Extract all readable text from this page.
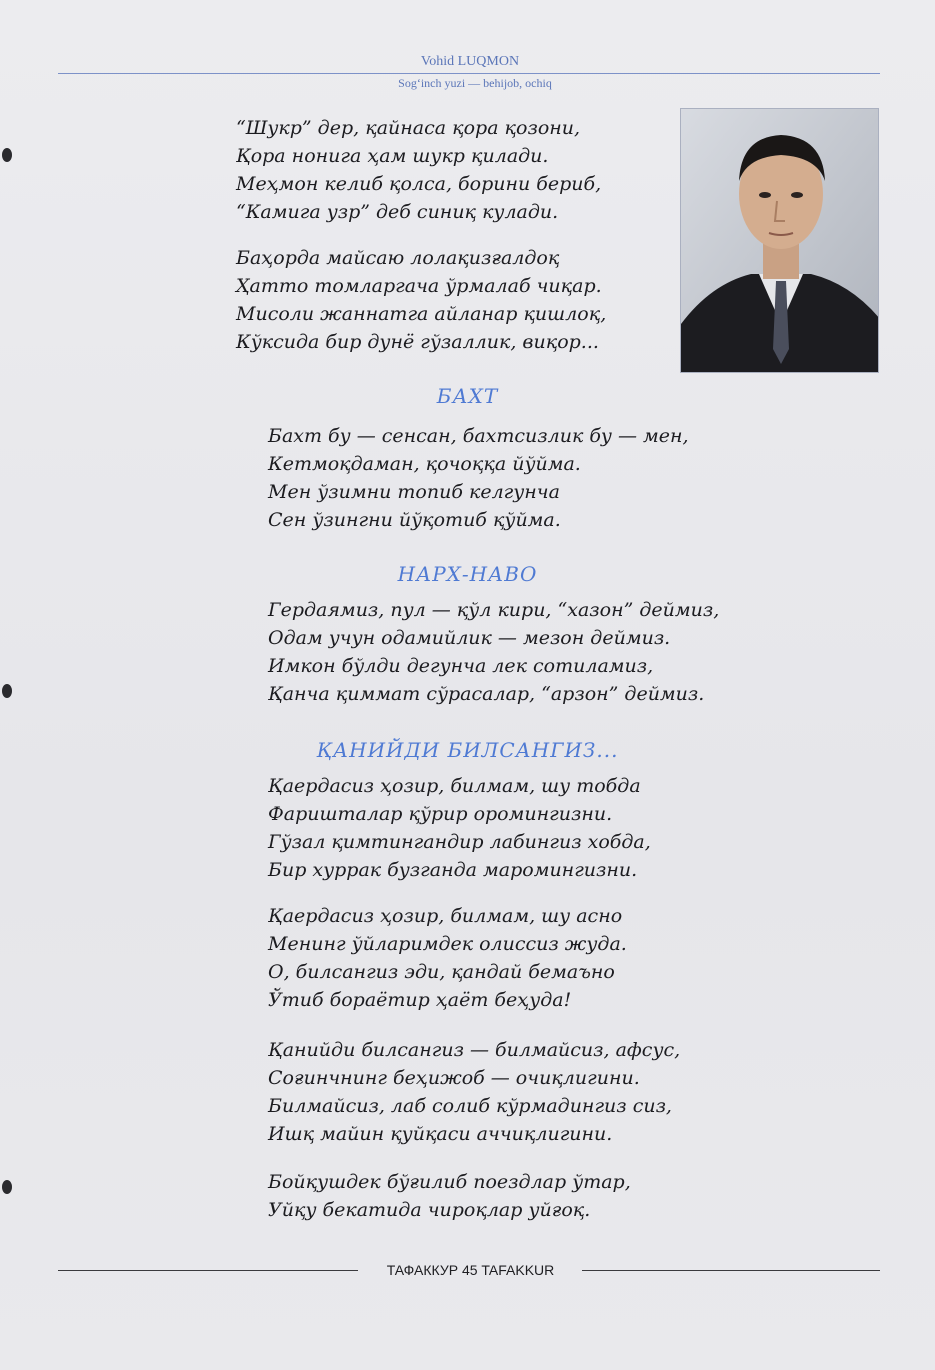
Vohid LUQMON
Sog‘inch yuzi — behijob, ochiq
“Шукр” дер, қайнаса қора қозони,
Қора нонига ҳам шукр қилади.
Меҳмон келиб қолса, борини бериб,
“Камига узр” деб синиқ кулади.
Баҳорда майсаю лолақизғалдоқ
Ҳатто томларгача ўрмалаб чиқар.
Мисоли жаннатга айланар қишлоқ,
Кўксида бир дунё гўзаллик, виқор...
БАХТ
Бахт бу — сенсан, бахтсизлик бу — мен,
Кетмоқдаман, қочоққа йўйма.
Мен ўзимни топиб келгунча
Сен ўзингни йўқотиб қўйма.
НАРХ-НАВО
Гердаямиз, пул — қўл кири, “хазон” деймиз,
Одам учун одамийлик — мезон деймиз.
Имкон бўлди дегунча лек сотиламиз,
Қанча қиммат сўрасалар, “арзон” деймиз.
ҚАНИЙДИ БИЛСАНГИЗ...
Қаердасиз ҳозир, билмам, шу тобда
Фариштaлар қўрир оромингизни.
Гўзал қимтингандир лабингиз хобда,
Бир хуррак бузганда маромингизни.
Қаердасиз ҳозир, билмам, шу асно
Менинг ўйларимдек олиссиз жуда.
О, билсангиз эди, қандай бемаъно
Ўтиб бораётир ҳаёт беҳуда!
Қанийди билсангиз — билмайсиз, афсус,
Соғинчнинг беҳижоб — очиқлигини.
Билмайсиз, лаб солиб кўрмадингиз сиз,
Ишқ майин қуйқаси аччиқлигини.
Бойқушдек бўғилиб поездлар ўтар,
Уйқу бекатида чироқлар уйғоқ.
ТАФАККУР 45 TAFAKKUR
